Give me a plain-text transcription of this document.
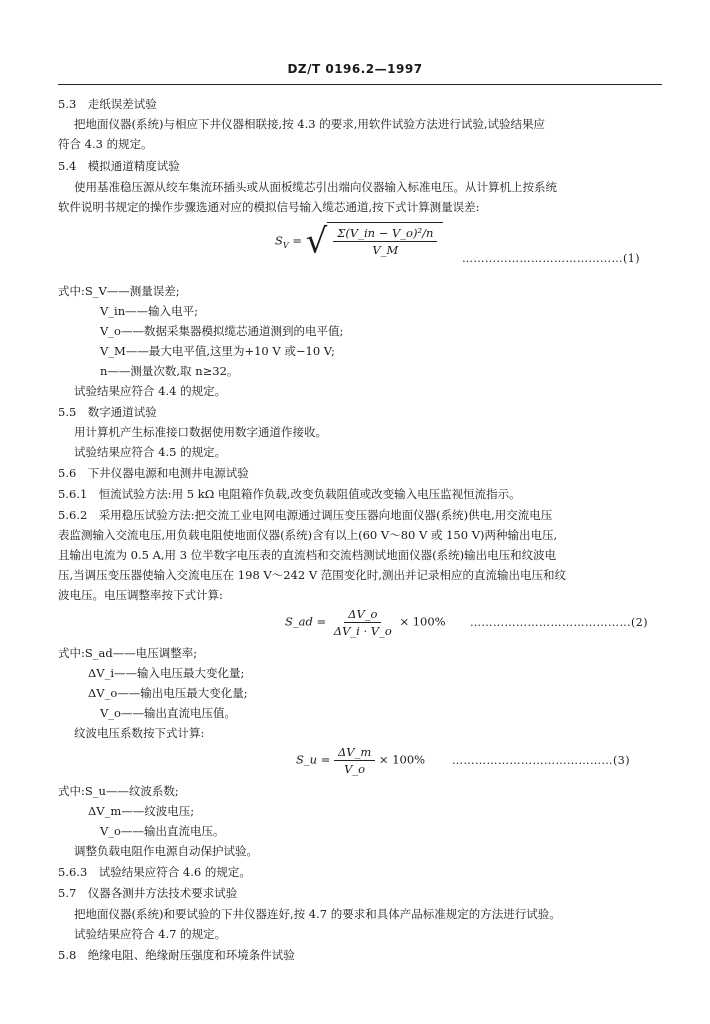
DZ/T 0196.2—1997
5.3　走纸误差试验
把地面仪器(系统)与相应下井仪器相联接,按 4.3 的要求,用软件试验方法进行试验,试验结果应
符合 4.3 的规定。
5.4　模拟通道精度试验
使用基准稳压源从绞车集流环插头或从面板缆芯引出端向仪器输入标准电压。从计算机上按系统
软件说明书规定的操作步骤选通对应的模拟信号输入缆芯通道,按下式计算测量误差:
$S_V$ = √ $\frac{\text{Σ(V\_in − V\_o)²/n}}{V\_M}$
……………………………………(1)
式中:S_V——测量误差;
V_in——输入电平;
V_o——数据采集器模拟缆芯通道测到的电平值;
V_M——最大电平值,这里为+10 V 或−10 V;
n——测量次数,取 n≥32。
试验结果应符合 4.4 的规定。
5.5　数字通道试验
用计算机产生标准接口数据使用数字通道作接收。
试验结果应符合 4.5 的规定。
5.6　下井仪器电源和电测井电源试验
5.6.1　恒流试验方法:用 5 kΩ 电阻箱作负载,改变负载阻值或改变输入电压监视恒流指示。
5.6.2　采用稳压试验方法:把交流工业电网电源通过调压变压器向地面仪器(系统)供电,用交流电压
表监测输入交流电压,用负载电阻使地面仪器(系统)含有以上(60 V～80 V 或 150 V)两种输出电压,
且输出电流为 0.5 A,用 3 位半数字电压表的直流档和交流档测试地面仪器(系统)输出电压和纹波电
压,当调压变压器使输入交流电压在 198 V～242 V 范围变化时,测出并记录相应的直流输出电压和纹
波电压。电压调整率按下式计算:
S_ad = $\frac{\Delta V\_o}{\Delta V\_i \cdot V\_o} \times 100\%$ ……………………………………(2)
式中:S_ad——电压调整率;
ΔV_i——输入电压最大变化量;
ΔV_o——输出电压最大变化量;
V_o——输出直流电压值。
纹波电压系数按下式计算:
S_u = $\frac{\Delta V\_m}{V\_o} \times 100\%$ ……………………………………(3)
式中:S_u——纹波系数;
ΔV_m——纹波电压;
V_o——输出直流电压。
调整负载电阻作电源自动保护试验。
5.6.3　试验结果应符合 4.6 的规定。
5.7　仪器各测井方法技术要求试验
把地面仪器(系统)和要试验的下井仪器连好,按 4.7 的要求和具体产品标准规定的方法进行试验。
试验结果应符合 4.7 的规定。
5.8　绝缘电阻、绝缘耐压强度和环境条件试验
